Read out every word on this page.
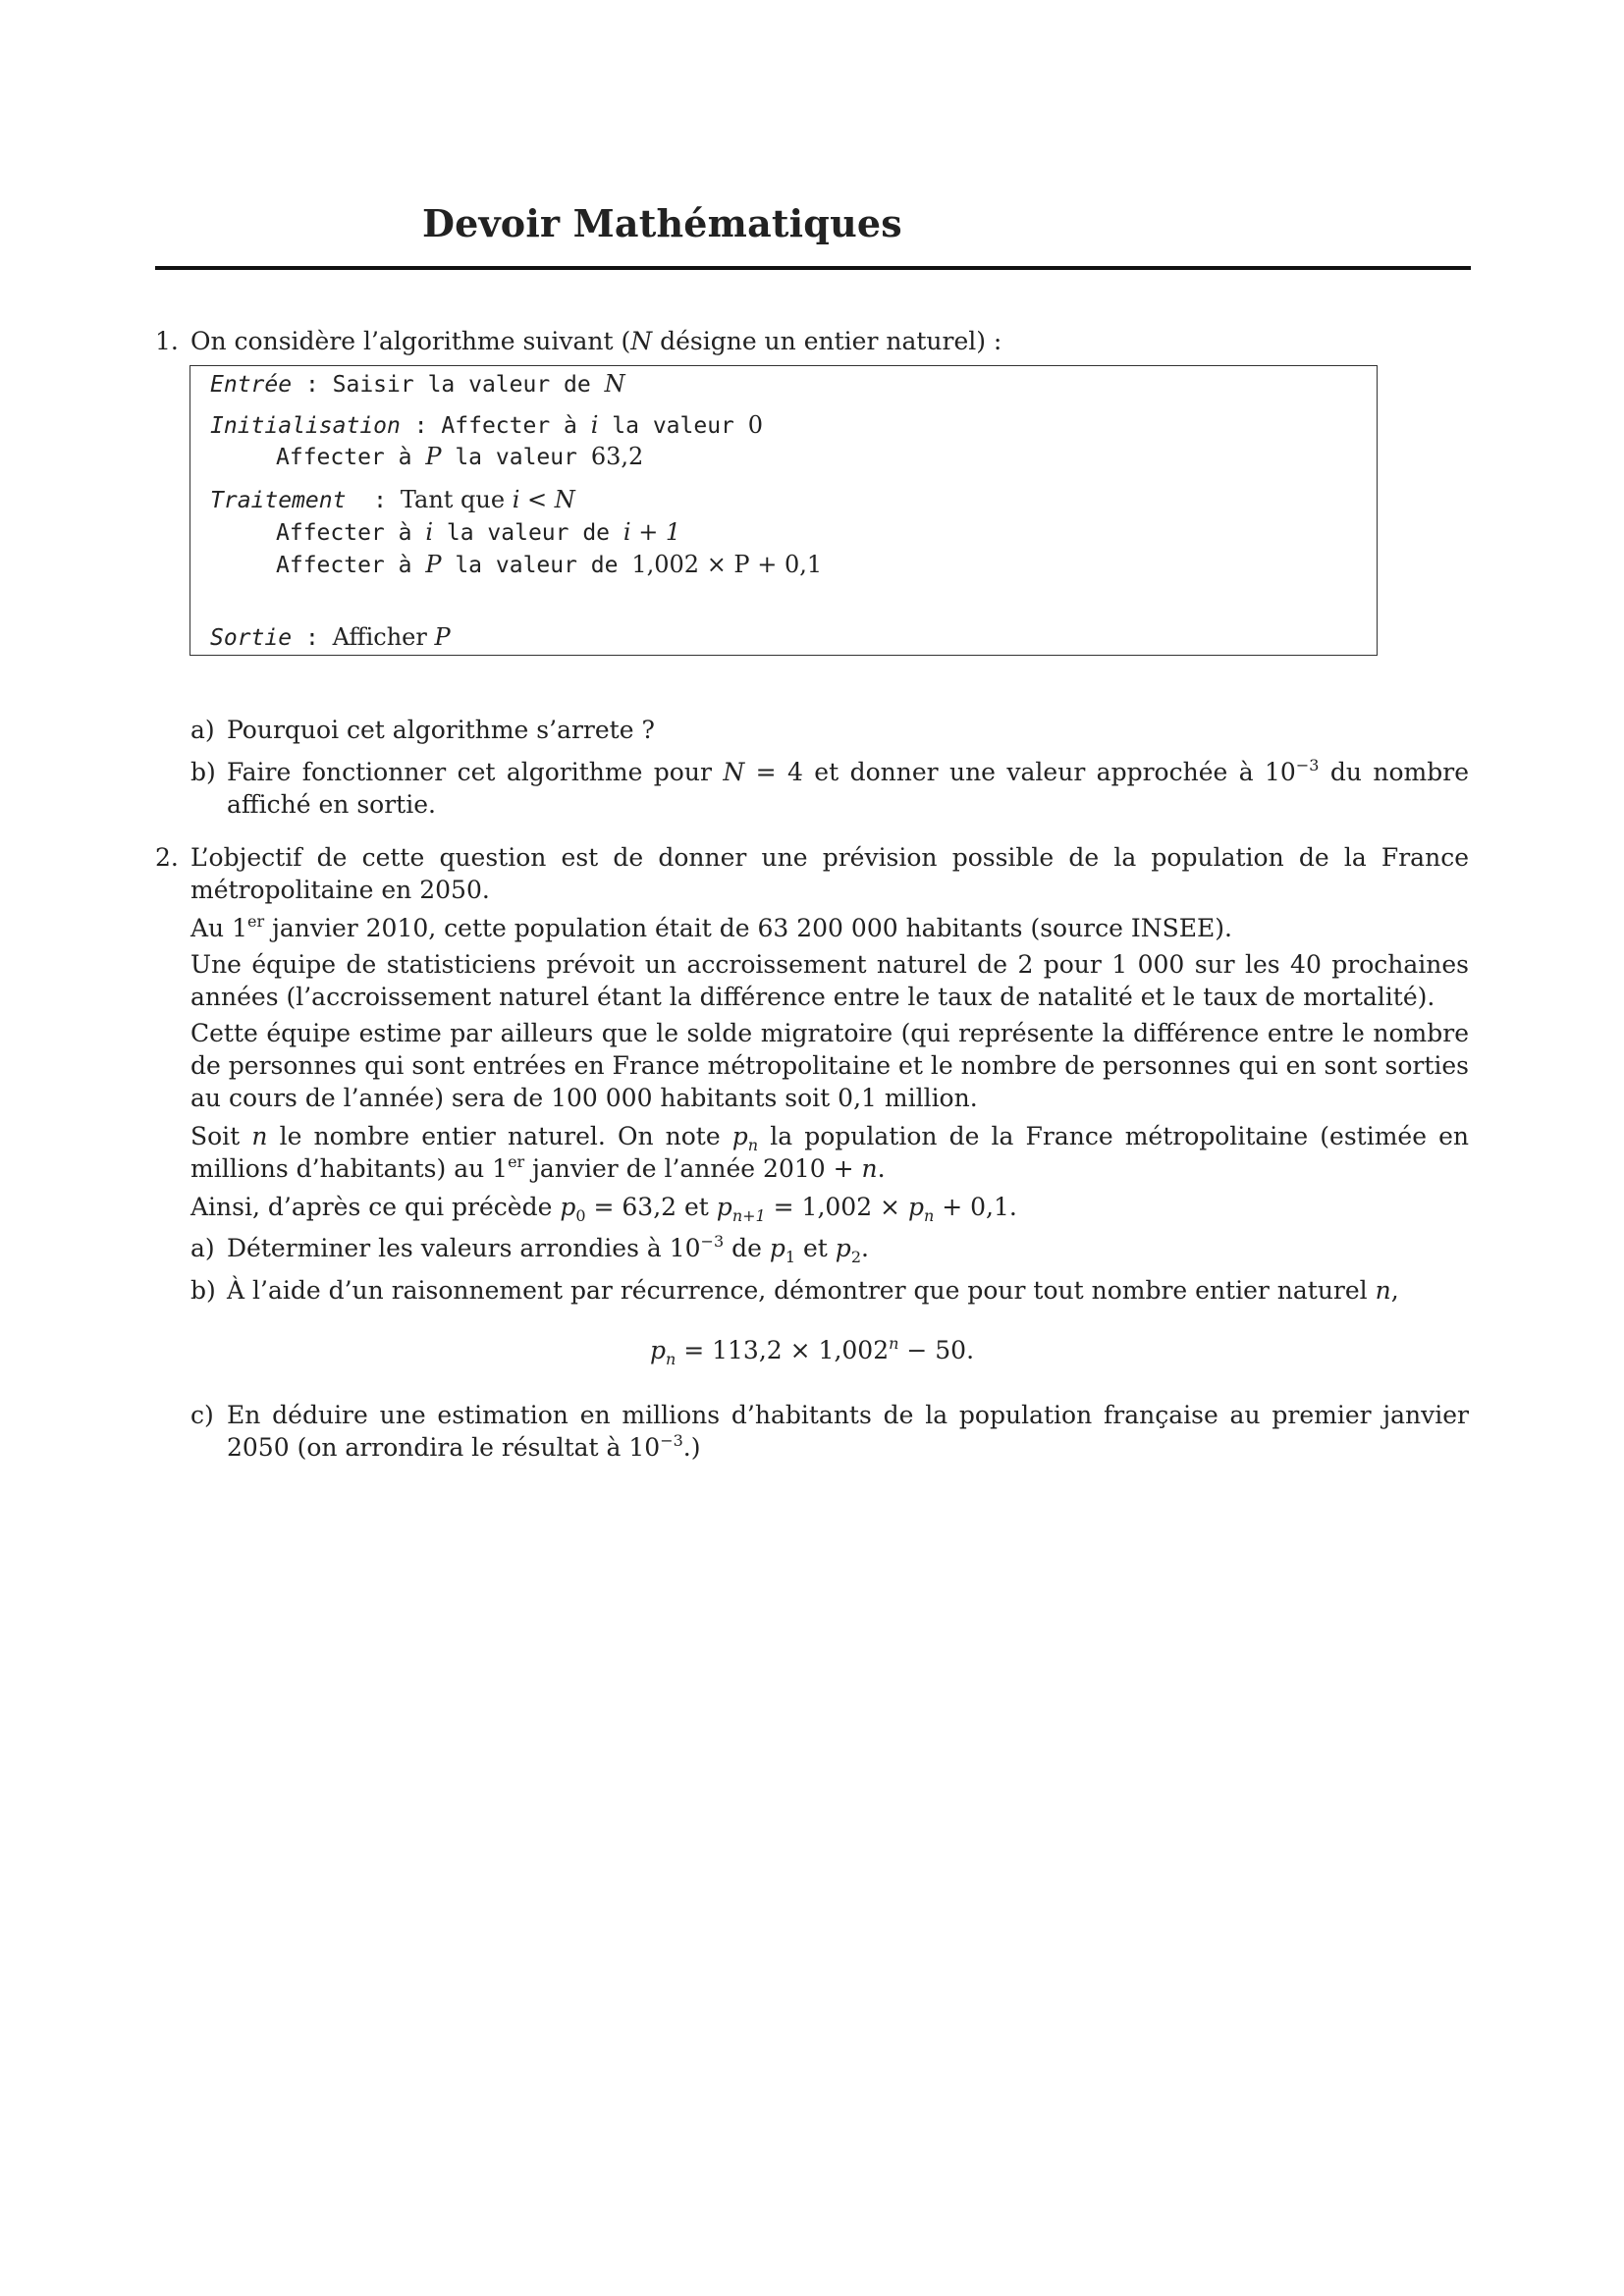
Devoir Mathématiques
1. On considère l’algorithme suivant (N désigne un entier naturel) :
Entrée : Saisir la valeur de N
Initialisation : Affecter à i la valeur 0
Affecter à P la valeur 63,2
Traitement  : Tant que i < N
Affecter à i la valeur de i + 1
Affecter à P la valeur de 1,002 × P + 0,1
Sortie : Afficher P
a) Pourquoi cet algorithme s’arrete ?
b) Faire fonctionner cet algorithme pour N = 4 et donner une valeur approchée à $10^{-3}$ du nombre affiché en sortie.
2. L’objectif de cette question est de donner une prévision possible de la population de la France métropolitaine en 2050.
Au 1er janvier 2010, cette population était de 63 200 000 habitants (source INSEE).
Une équipe de statisticiens prévoit un accroissement naturel de 2 pour 1 000 sur les 40 prochaines années (l’accroissement naturel étant la différence entre le taux de natalité et le taux de mortalité).
Cette équipe estime par ailleurs que le solde migratoire (qui représente la différence entre le nombre de personnes qui sont entrées en France métropolitaine et le nombre de personnes qui en sont sorties au cours de l’année) sera de 100 000 habitants soit 0,1 million.
Soit n le nombre entier naturel. On note $p_n$ la population de la France métropolitaine (estimée en millions d’habitants) au 1er janvier de l’année 2010 + n.
Ainsi, d’après ce qui précède $p_0 = 63,2$ et $p_{n+1} = 1,002 \times p_n + 0,1$.
a) Déterminer les valeurs arrondies à $10^{-3}$ de $p_1$ et $p_2$.
b) À l’aide d’un raisonnement par récurrence, démontrer que pour tout nombre entier naturel n,
$p_n = 113,2 \times 1,002^n - 50$.
c) En déduire une estimation en millions d’habitants de la population française au premier janvier 2050 (on arrondira le résultat à $10^{-3}$.)
